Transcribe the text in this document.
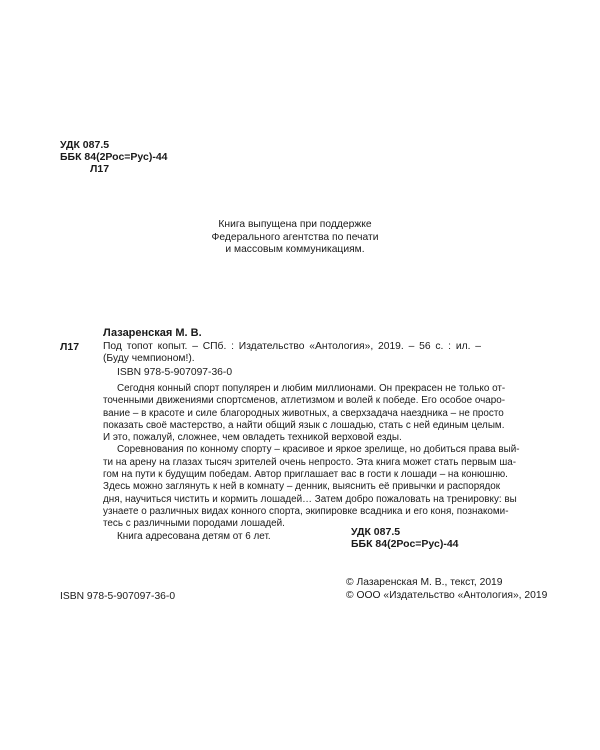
УДК 087.5
ББК 84(2Рос=Рус)-44
Л17
Книга выпущена при поддержке
Федерального агентства по печати
и массовым коммуникациям.
Лазаренская М. В.
Л17 Под топот копыт. – СПб. : Издательство «Антология», 2019. – 56 с. : ил. –
(Буду чемпионом!).
ISBN 978-5-907097-36-0

Сегодня конный спорт популярен и любим миллионами. Он прекрасен не только от-
точенными движениями спортсменов, атлетизмом и волей к победе. Его особое очаро-
вание – в красоте и силе благородных животных, а сверхзадача наездника – не просто
показать своё мастерство, а найти общий язык с лошадью, стать с ней единым целым.
И это, пожалуй, сложнее, чем овладеть техникой верховой езды.

Соревнования по конному спорту – красивое и яркое зрелище, но добиться права вый-
ти на арену на глазах тысяч зрителей очень непросто. Эта книга может стать первым ша-
гом на пути к будущим победам. Автор приглашает вас в гости к лошади – на конюшню.
Здесь можно заглянуть к ней в комнату – денник, выяснить её привычки и распорядок
дня, научиться чистить и кормить лошадей… Затем добро пожаловать на тренировку: вы
узнаете о различных видах конного спорта, экипировке всадника и его коня, познакоми-
тесь с различными породами лошадей.

Книга адресована детям от 6 лет.	УДК 087.5
ББК 84(2Рос=Рус)-44
ISBN 978-5-907097-36-0
© Лазаренская М. В., текст, 2019
© ООО «Издательство «Антология», 2019
